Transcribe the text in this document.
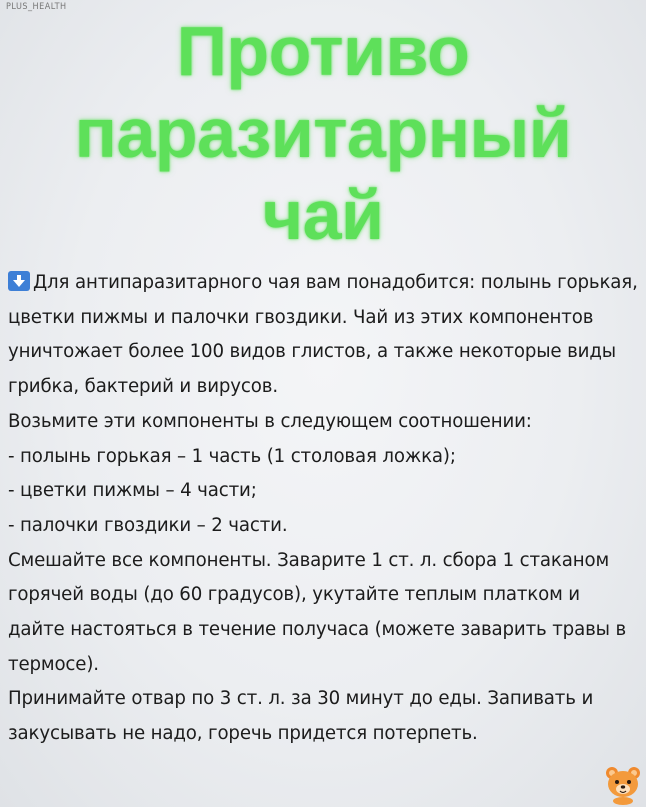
PLUS_HEALTH
Противо
паразитарный
чай

Для антипаразитарного чая вам понадобится: полынь горькая, цветки пижмы и палочки гвоздики. Чай из этих компонентов уничтожает более 100 видов глистов, а также некоторые виды грибка, бактерий и вирусов.

Возьмите эти компоненты в следующем соотношении:

- полынь горькая – 1 часть (1 столовая ложка);

- цветки пижмы – 4 части;

- палочки гвоздики – 2 части.

Смешайте все компоненты. Заварите 1 ст. л. сбора 1 стаканом горячей воды (до 60 градусов), укутайте теплым платком и дайте настояться в течение получаса (можете заварить травы в термосе).

Принимайте отвар по 3 ст. л. за 30 минут до еды. Запивать и закусывать не надо, горечь придется потерпеть.
